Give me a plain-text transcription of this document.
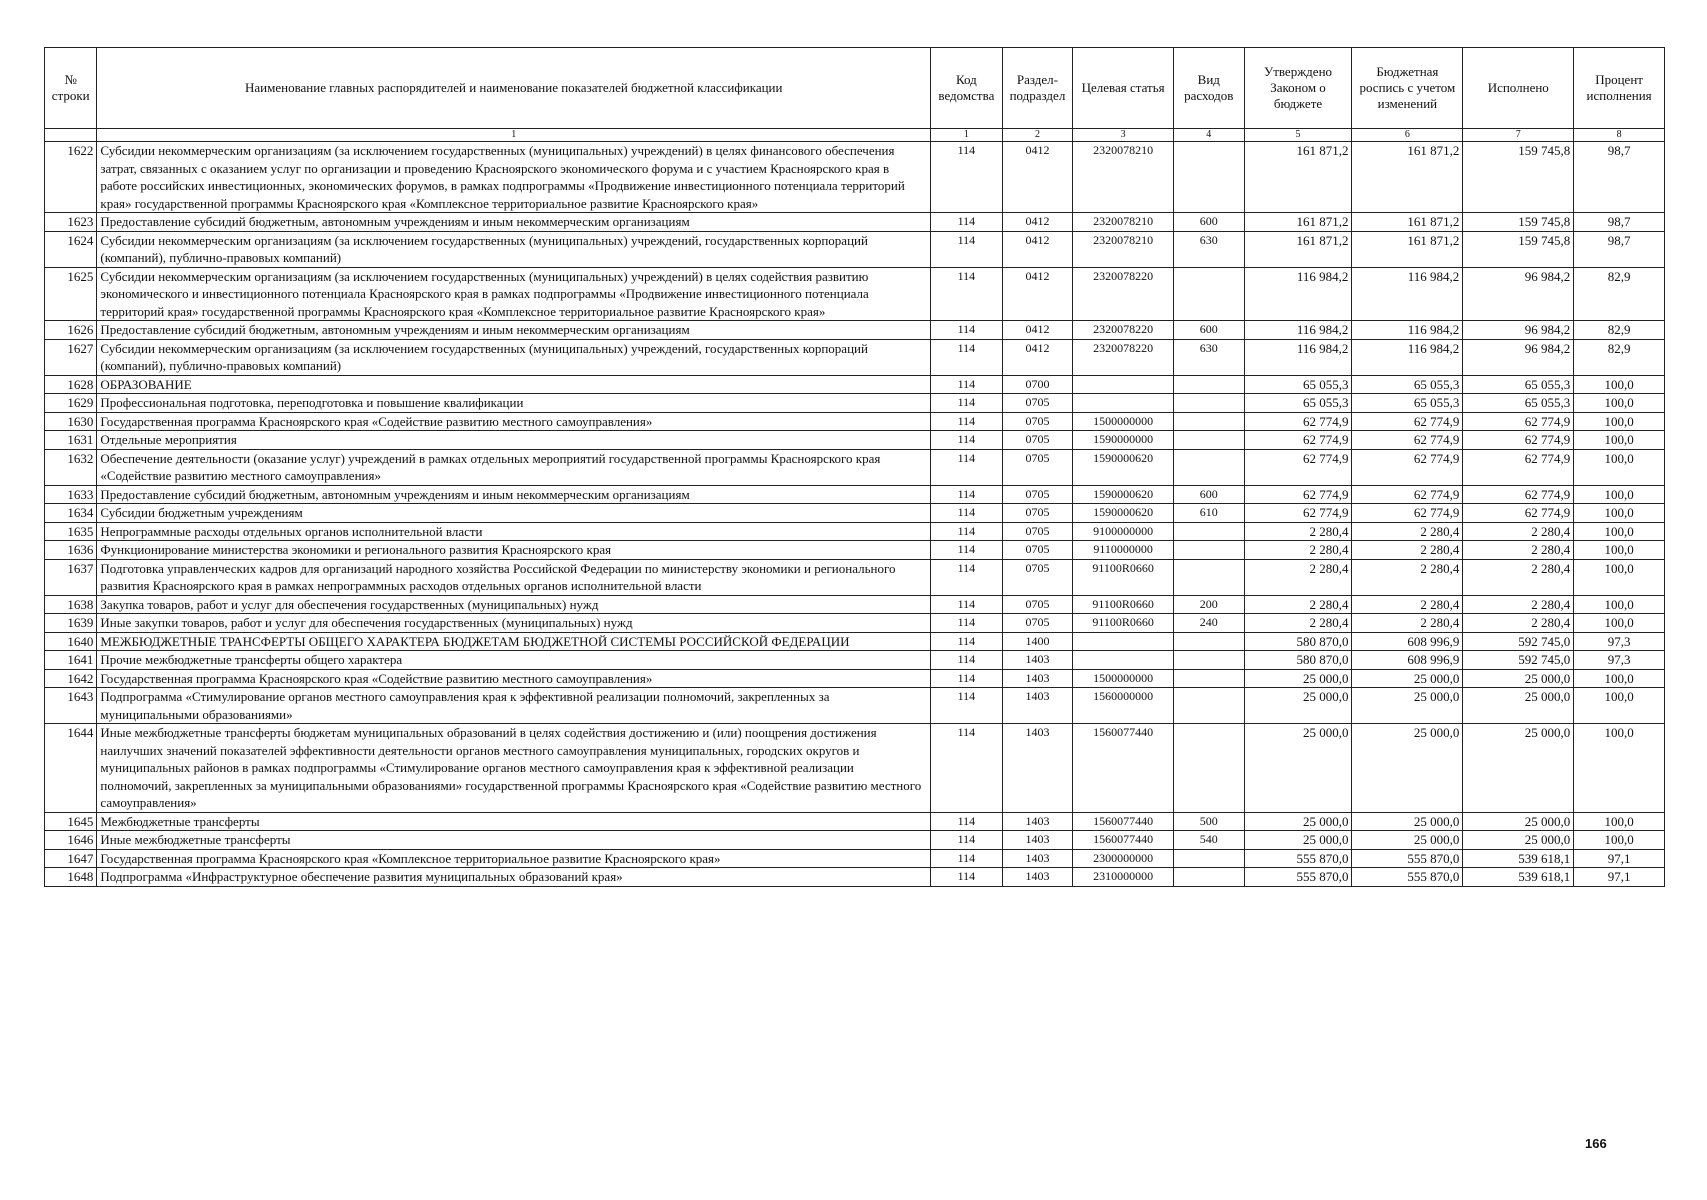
№ строки	Наименование главных распорядителей и наименование показателей бюджетной классификации	Код ведомства	Раздел-подраздел	Целевая статья	Вид расходов	Утверждено Законом о бюджете	Бюджетная роспись с учетом изменений	Исполнено	Процент исполнения
	1	1	2	3	4	5	6	7	8
1622	Субсидии некоммерческим организациям (за исключением государственных (муниципальных) учреждений) в целях финансового обеспечения затрат, связанных с оказанием услуг по организации и проведению Красноярского экономического форума и с участием Красноярского края в работе российских инвестиционных, экономических форумов, в рамках подпрограммы «Продвижение инвестиционного потенциала территорий края» государственной программы Красноярского края «Комплексное территориальное развитие Красноярского края»	114	0412	2320078210		161 871,2	161 871,2	159 745,8	98,7
1623	Предоставление субсидий бюджетным, автономным учреждениям и иным некоммерческим организациям	114	0412	2320078210	600	161 871,2	161 871,2	159 745,8	98,7
1624	Субсидии некоммерческим организациям (за исключением государственных (муниципальных) учреждений, государственных корпораций (компаний), публично-правовых компаний)	114	0412	2320078210	630	161 871,2	161 871,2	159 745,8	98,7
1625	Субсидии некоммерческим организациям (за исключением государственных (муниципальных) учреждений) в целях содействия развитию экономического и инвестиционного потенциала Красноярского края в рамках подпрограммы «Продвижение инвестиционного потенциала территорий края» государственной программы Красноярского края «Комплексное территориальное развитие Красноярского края»	114	0412	2320078220		116 984,2	116 984,2	96 984,2	82,9
1626	Предоставление субсидий бюджетным, автономным учреждениям и иным некоммерческим организациям	114	0412	2320078220	600	116 984,2	116 984,2	96 984,2	82,9
1627	Субсидии некоммерческим организациям (за исключением государственных (муниципальных) учреждений, государственных корпораций (компаний), публично-правовых компаний)	114	0412	2320078220	630	116 984,2	116 984,2	96 984,2	82,9
1628	ОБРАЗОВАНИЕ	114	0700			65 055,3	65 055,3	65 055,3	100,0
1629	Профессиональная подготовка, переподготовка и повышение квалификации	114	0705			65 055,3	65 055,3	65 055,3	100,0
1630	Государственная программа Красноярского края «Содействие развитию местного самоуправления»	114	0705	1500000000		62 774,9	62 774,9	62 774,9	100,0
1631	Отдельные мероприятия	114	0705	1590000000		62 774,9	62 774,9	62 774,9	100,0
1632	Обеспечение деятельности (оказание услуг) учреждений в рамках отдельных мероприятий государственной программы Красноярского края «Содействие развитию местного самоуправления»	114	0705	1590000620		62 774,9	62 774,9	62 774,9	100,0
1633	Предоставление субсидий бюджетным, автономным учреждениям и иным некоммерческим организациям	114	0705	1590000620	600	62 774,9	62 774,9	62 774,9	100,0
1634	Субсидии бюджетным учреждениям	114	0705	1590000620	610	62 774,9	62 774,9	62 774,9	100,0
1635	Непрограммные расходы отдельных органов исполнительной власти	114	0705	9100000000		2 280,4	2 280,4	2 280,4	100,0
1636	Функционирование министерства экономики и регионального развития Красноярского края	114	0705	9110000000		2 280,4	2 280,4	2 280,4	100,0
1637	Подготовка управленческих кадров для организаций народного хозяйства Российской Федерации по министерству экономики и регионального развития Красноярского края в рамках непрограммных расходов отдельных органов исполнительной власти	114	0705	91100R0660		2 280,4	2 280,4	2 280,4	100,0
1638	Закупка товаров, работ и услуг для обеспечения государственных (муниципальных) нужд	114	0705	91100R0660	200	2 280,4	2 280,4	2 280,4	100,0
1639	Иные закупки товаров, работ и услуг для обеспечения государственных (муниципальных) нужд	114	0705	91100R0660	240	2 280,4	2 280,4	2 280,4	100,0
1640	МЕЖБЮДЖЕТНЫЕ ТРАНСФЕРТЫ ОБЩЕГО ХАРАКТЕРА БЮДЖЕТАМ БЮДЖЕТНОЙ СИСТЕМЫ РОССИЙСКОЙ ФЕДЕРАЦИИ	114	1400			580 870,0	608 996,9	592 745,0	97,3
1641	Прочие межбюджетные трансферты общего характера	114	1403			580 870,0	608 996,9	592 745,0	97,3
1642	Государственная программа Красноярского края «Содействие развитию местного самоуправления»	114	1403	1500000000		25 000,0	25 000,0	25 000,0	100,0
1643	Подпрограмма «Стимулирование органов местного самоуправления края к эффективной реализации полномочий, закрепленных за муниципальными образованиями»	114	1403	1560000000		25 000,0	25 000,0	25 000,0	100,0
1644	Иные межбюджетные трансферты бюджетам муниципальных образований в целях содействия достижению и (или) поощрения достижения наилучших значений показателей эффективности деятельности органов местного самоуправления муниципальных, городских округов и муниципальных районов в рамках подпрограммы «Стимулирование органов местного самоуправления края к эффективной реализации полномочий, закрепленных за муниципальными образованиями» государственной программы Красноярского края «Содействие развитию местного самоуправления»	114	1403	1560077440		25 000,0	25 000,0	25 000,0	100,0
1645	Межбюджетные трансферты	114	1403	1560077440	500	25 000,0	25 000,0	25 000,0	100,0
1646	Иные межбюджетные трансферты	114	1403	1560077440	540	25 000,0	25 000,0	25 000,0	100,0
1647	Государственная программа Красноярского края «Комплексное территориальное развитие Красноярского края»	114	1403	2300000000		555 870,0	555 870,0	539 618,1	97,1
1648	Подпрограмма «Инфраструктурное обеспечение развития муниципальных образований края»	114	1403	2310000000		555 870,0	555 870,0	539 618,1	97,1
166
